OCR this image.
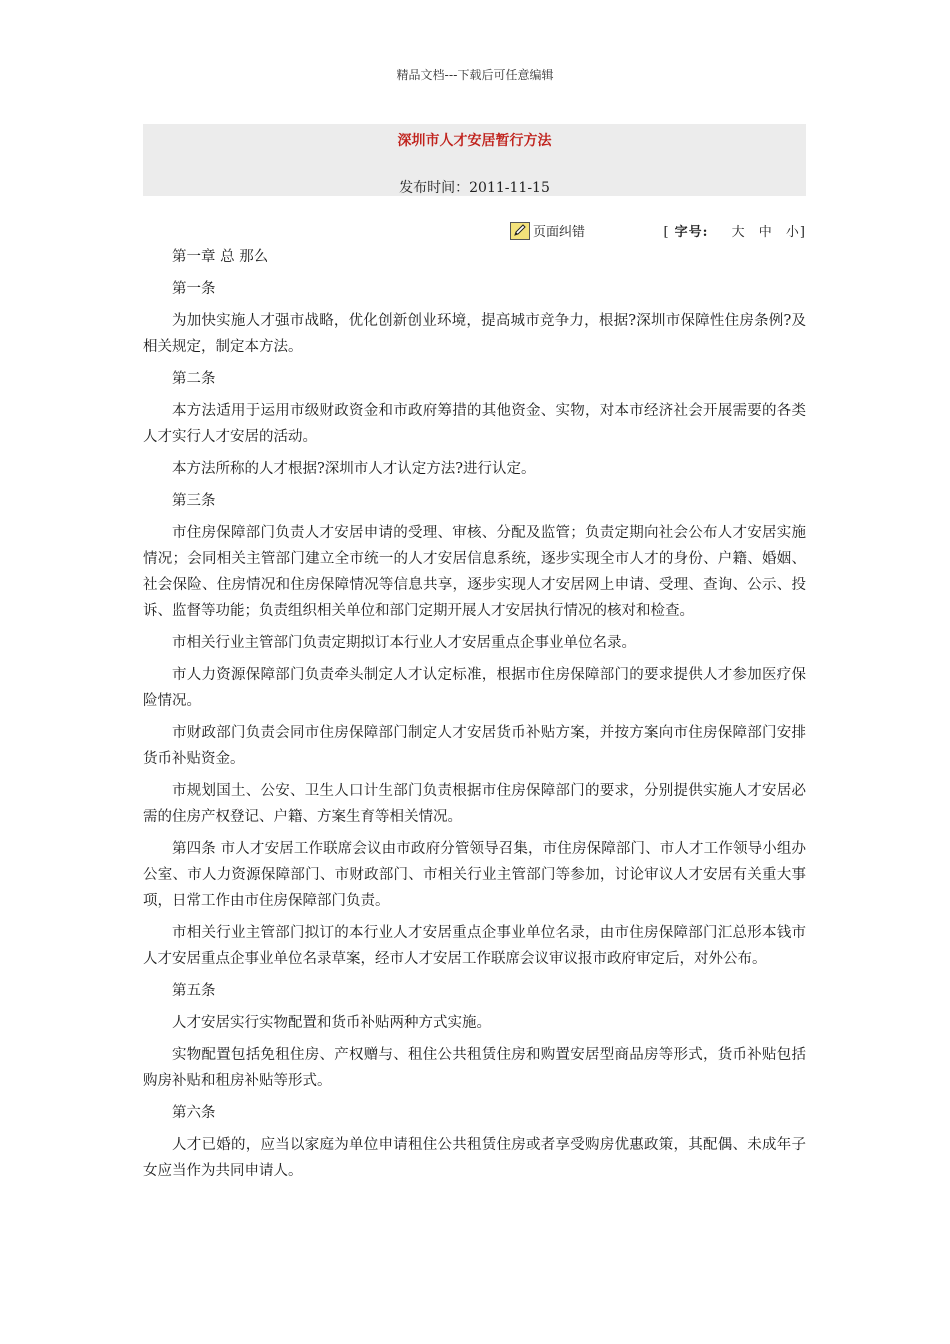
精品文档---下载后可任意编辑
深圳市人才安居暂行方法
发布时间：2011-11-15
页面纠错	[ 字号: 大 中 小]

第一章 总 那么

第一条

为加快实施人才强市战略，优化创新创业环境，提高城市竞争力，根据?深圳市保障性住房条例?及相关规定，制定本方法。

第二条

本方法适用于运用市级财政资金和市政府筹措的其他资金、实物，对本市经济社会开展需要的各类人才实行人才安居的活动。

本方法所称的人才根据?深圳市人才认定方法?进行认定。

第三条

市住房保障部门负责人才安居申请的受理、审核、分配及监管；负责定期向社会公布人才安居实施情况；会同相关主管部门建立全市统一的人才安居信息系统，逐步实现全市人才的身份、户籍、婚姻、社会保险、住房情况和住房保障情况等信息共享，逐步实现人才安居网上申请、受理、查询、公示、投诉、监督等功能；负责组织相关单位和部门定期开展人才安居执行情况的核对和检查。

市相关行业主管部门负责定期拟订本行业人才安居重点企事业单位名录。

市人力资源保障部门负责牵头制定人才认定标准，根据市住房保障部门的要求提供人才参加医疗保险情况。

市财政部门负责会同市住房保障部门制定人才安居货币补贴方案，并按方案向市住房保障部门安排货币补贴资金。

市规划国土、公安、卫生人口计生部门负责根据市住房保障部门的要求，分别提供实施人才安居必需的住房产权登记、户籍、方案生育等相关情况。

第四条 市人才安居工作联席会议由市政府分管领导召集，市住房保障部门、市人才工作领导小组办公室、市人力资源保障部门、市财政部门、市相关行业主管部门等参加，讨论审议人才安居有关重大事项，日常工作由市住房保障部门负责。

市相关行业主管部门拟订的本行业人才安居重点企事业单位名录，由市住房保障部门汇总形本钱市人才安居重点企事业单位名录草案，经市人才安居工作联席会议审议报市政府审定后，对外公布。

第五条

人才安居实行实物配置和货币补贴两种方式实施。

实物配置包括免租住房、产权赠与、租住公共租赁住房和购置安居型商品房等形式，货币补贴包括购房补贴和租房补贴等形式。

第六条

人才已婚的，应当以家庭为单位申请租住公共租赁住房或者享受购房优惠政策，其配偶、未成年子女应当作为共同申请人。
